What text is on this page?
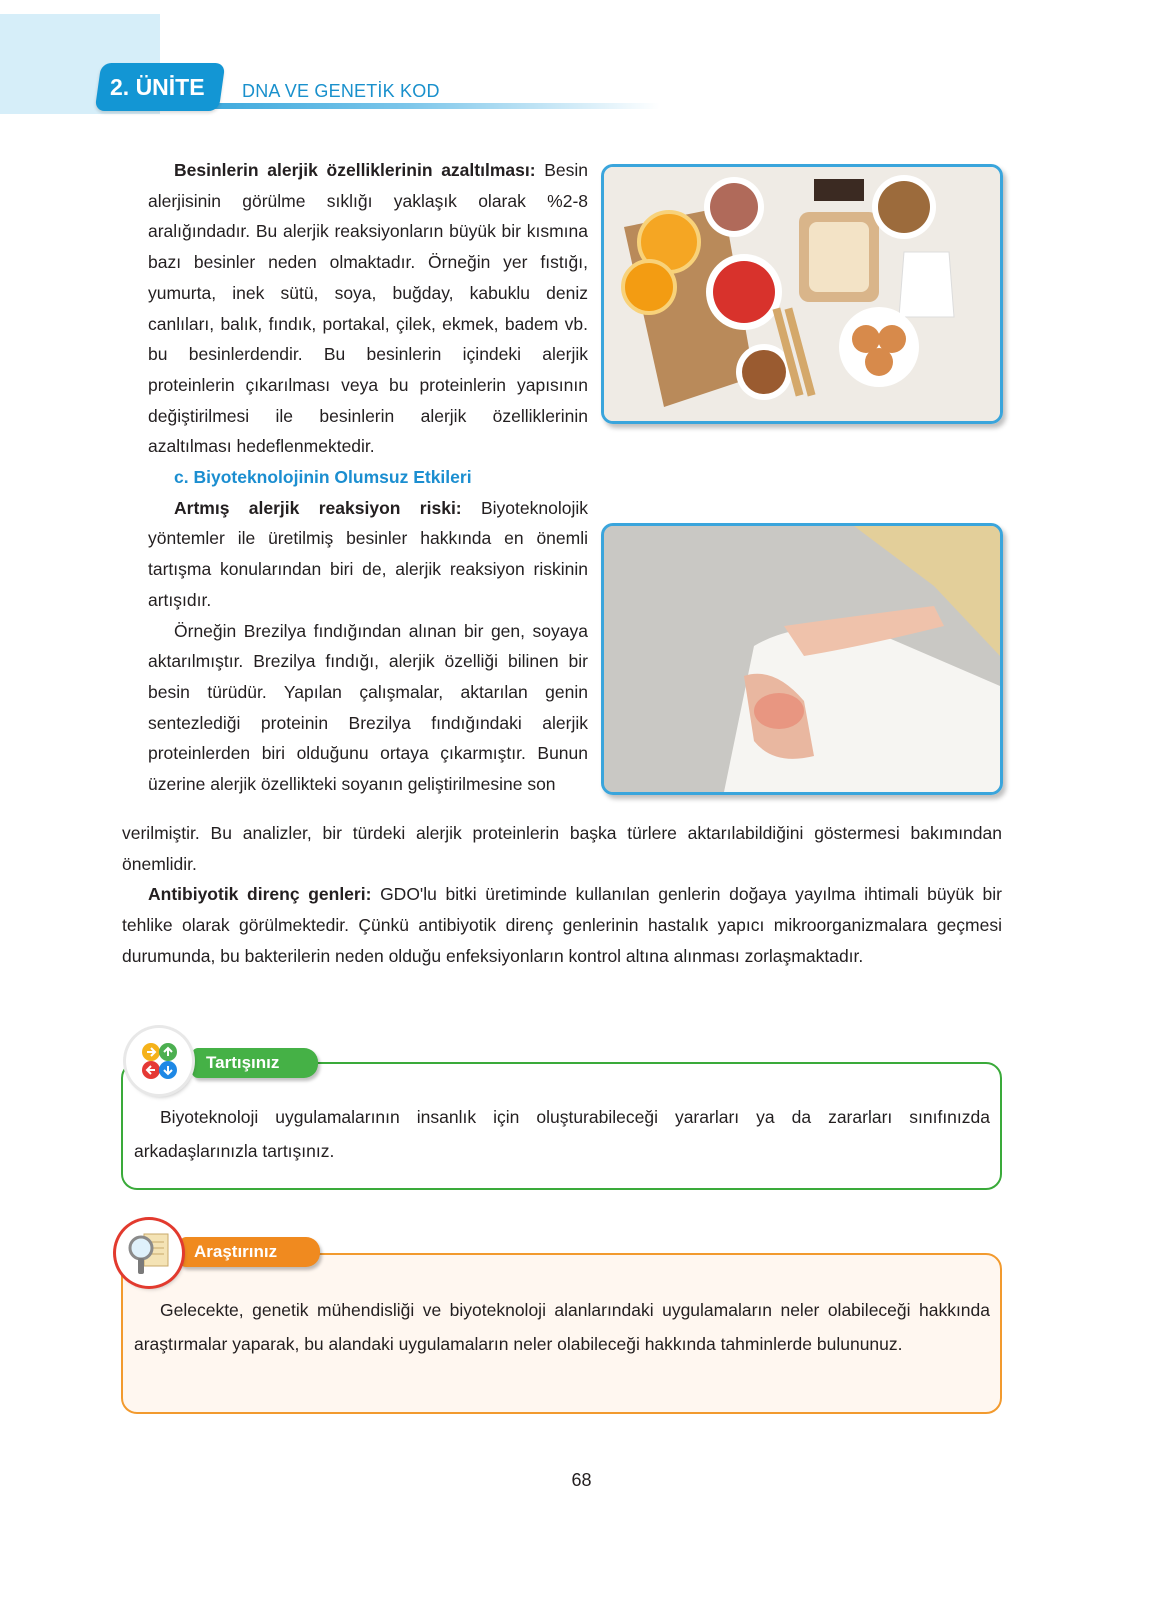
2. ÜNİTE DNA VE GENETİK KOD

Besinlerin alerjik özelliklerinin azaltılması: Besin alerjisinin görülme sıklığı yaklaşık olarak %2-8 aralığındadır. Bu alerjik reaksiyonların büyük bir kısmına bazı besinler neden olmaktadır. Örneğin yer fıstığı, yumurta, inek sütü, soya, buğday, kabuklu deniz canlıları, balık, fındık, portakal, çilek, ekmek, badem vb. bu besinlerdendir. Bu besinlerin içindeki alerjik proteinlerin çıkarılması veya bu proteinlerin yapısının değiştirilmesi ile besinlerin alerjik özelliklerinin azaltılması hedeflenmektedir.

c. Biyoteknolojinin Olumsuz Etkileri

Artmış alerjik reaksiyon riski: Biyoteknolojik yöntemler ile üretilmiş besinler hakkında en önemli tartışma konularından biri de, alerjik reaksiyon riskinin artışıdır.

Örneğin Brezilya fındığından alınan bir gen, soyaya aktarılmıştır. Brezilya fındığı, alerjik özelliği bilinen bir besin türüdür. Yapılan çalışmalar, aktarılan genin sentezlediği proteinin Brezilya fındığındaki alerjik proteinlerden biri olduğunu ortaya çıkarmıştır. Bunun üzerine alerjik özellikteki soyanın geliştirilmesine son

verilmiştir. Bu analizler, bir türdeki alerjik proteinlerin başka türlere aktarılabildiğini göstermesi bakımından önemlidir.

Antibiyotik direnç genleri: GDO'lu bitki üretiminde kullanılan genlerin doğaya yayılma ihtimali büyük bir tehlike olarak görülmektedir. Çünkü antibiyotik direnç genlerinin hastalık yapıcı mikroorganizmalara geçmesi durumunda, bu bakterilerin neden olduğu enfeksiyonların kontrol altına alınması zorlaşmaktadır.

Biyoteknoloji uygulamalarının insanlık için oluşturabileceği yararları ya da zararları sınıfınızda arkadaşlarınızla tartışınız.
Tartışınız
Gelecekte, genetik mühendisliği ve biyoteknoloji alanlarındaki uygulamaların neler olabileceği hakkında araştırmalar yaparak, bu alandaki uygulamaların neler olabileceği hakkında tahminlerde bulununuz.
Araştırınız
68
